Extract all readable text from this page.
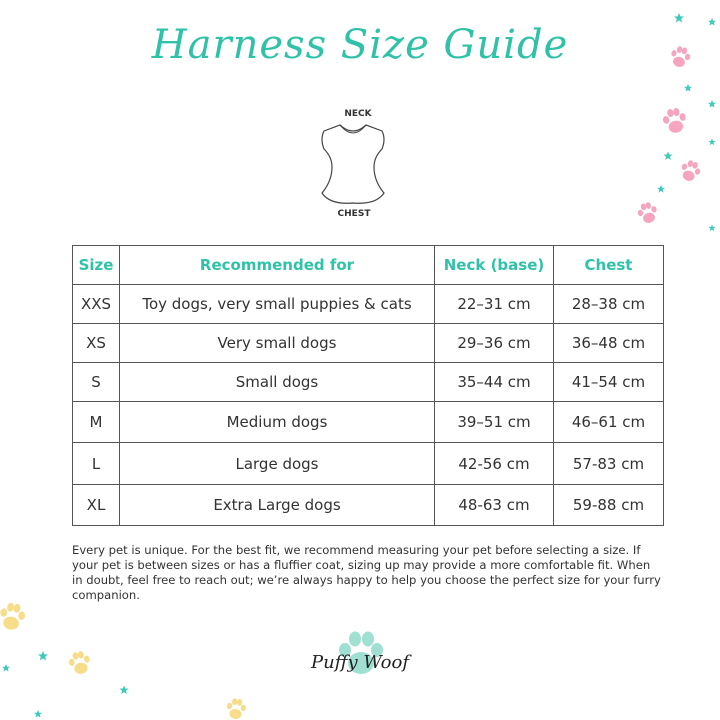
Harness Size Guide
NECK
CHEST
Size	Recommended for	Neck (base)	Chest
XXS	Toy dogs, very small puppies & cats	22–31 cm	28–38 cm
XS	Very small dogs	29–36 cm	36–48 cm
S	Small dogs	35–44 cm	41–54 cm
M	Medium dogs	39–51 cm	46–61 cm
L	Large dogs	42-56 cm	57-83 cm
XL	Extra Large dogs	48-63 cm	59-88 cm
Every pet is unique. For the best fit, we recommend measuring your pet before selecting a size. If your pet is between sizes or has a fluffier coat, sizing up may provide a more comfortable fit. When in doubt, feel free to reach out; we’re always happy to help you choose the perfect size for your furry companion.
Puffy Woof
